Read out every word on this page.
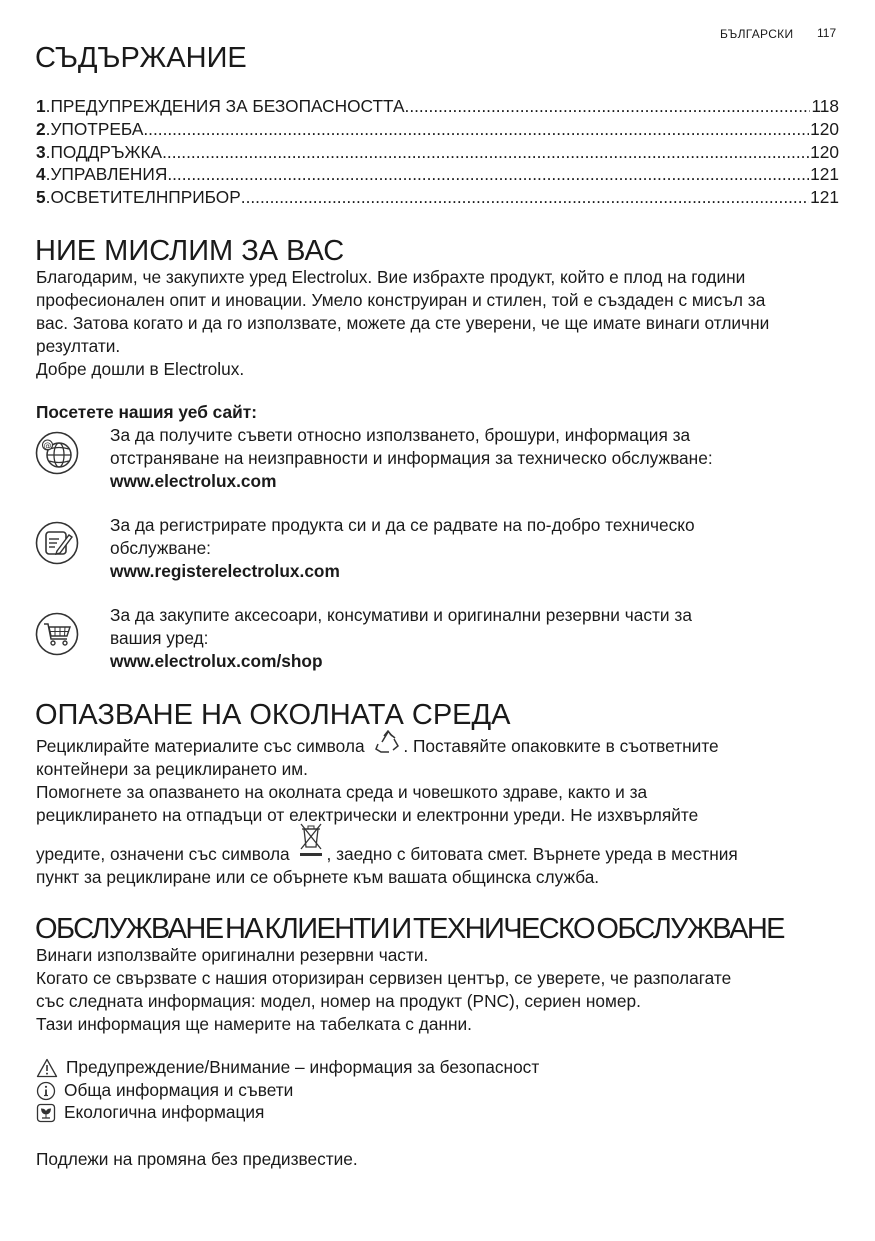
БЪЛГАРСКИ 117
СЪДЪРЖАНИЕ
1 . ПРЕДУПРЕЖДЕНИЯ ЗА БЕЗОПАСНОСТТА .....	118
2 . УПОТРЕБА .....	120
3 . ПОДДРЪЖКА .....	120
4 . УПРАВЛЕНИЯ .....	121
5 . ОСВЕТИТЕЛНПРИБОР .....	121
НИЕ МИСЛИМ ЗА ВАС
Благодарим, че закупихте уред Electrolux. Вие избрахте продукт, който е плод на години
професионален опит и иновации. Умело конструиран и стилен, той е създаден с мисъл за
вас. Затова когато и да го използвате, можете да сте уверени, че ще имате винаги отлични
резултати.
Добре дошли в Electrolux.
Посетете нашия уеб сайт:
@
За да получите съвети относно използването, брошури, информация за
отстраняване на неизправности и информация за техническо обслужване:
www.electrolux.com
За да регистрирате продукта си и да се радвате на по-добро техническо
обслужване:
www.registerelectrolux.com
За да закупите аксесоари, консумативи и оригинални резервни части за
вашия уред:
www.electrolux.com/shop
ОПАЗВАНЕ НА ОКОЛНАТА СРЕДА
Рециклирайте материалите със символа . Поставяйте опаковките в съответните
контейнери за рециклирането им.
Помогнете за опазването на околната среда и човешкото здраве, както и за
рециклирането на отпадъци от електрически и електронни уреди. Не изхвърляйте
уредите, означени със символа , заедно с битовата смет. Върнете уреда в местния
пункт за рециклиране или се обърнете към вашата общинска служба.
ОБСЛУЖВАНЕ НА КЛИЕНТИ И ТЕХНИЧЕСКО ОБСЛУЖВАНЕ
Винаги използвайте оригинални резервни части.
Когато се свързвате с нашия оторизиран сервизен център, се уверете, че разполагате
със следната информация: модел, номер на продукт (PNC), сериен номер.
Тази информация ще намерите на табелката с данни.
Предупреждение/Внимание – информация за безопасност
Обща информация и съвети
Екологична информация
Подлежи на промяна без предизвестие.
